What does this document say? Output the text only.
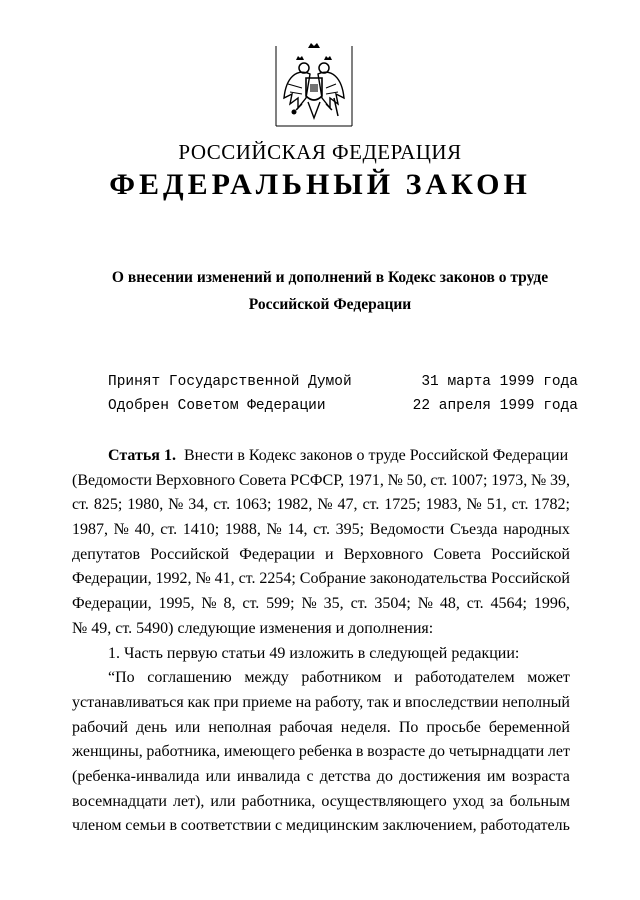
РОССИЙСКАЯ ФЕДЕРАЦИЯ
ФЕДЕРАЛЬНЫЙ ЗАКОН
О внесении изменений и дополнений в Кодекс законов о труде
Российской Федерации
Принят Государственной Думой	31 марта 1999 года
Одобрен Советом Федерации	22 апреля 1999 года
Статья 1. Внести в Кодекс законов о труде Российской Федерации
(Ведомости Верховного Совета РСФСР, 1971, № 50, ст. 1007; 1973, № 39,
ст. 825; 1980, № 34, ст. 1063; 1982, № 47, ст. 1725; 1983, № 51, ст. 1782;
1987, № 40, ст. 1410; 1988, № 14, ст. 395; Ведомости Съезда народных
депутатов Российской Федерации и Верховного Совета Российской
Федерации, 1992, № 41, ст. 2254; Собрание законодательства Российской
Федерации, 1995, № 8, ст. 599; № 35, ст. 3504; № 48, ст. 4564; 1996,
№ 49, ст. 5490) следующие изменения и дополнения:
1. Часть первую статьи 49 изложить в следующей редакции:
“По соглашению между работником и работодателем может
устанавливаться как при приеме на работу, так и впоследствии неполный
рабочий день или неполная рабочая неделя. По просьбе беременной
женщины, работника, имеющего ребенка в возрасте до четырнадцати лет
(ребенка-инвалида или инвалида с детства до достижения им возраста
восемнадцати лет), или работника, осуществляющего уход за больным
членом семьи в соответствии с медицинским заключением, работодатель
